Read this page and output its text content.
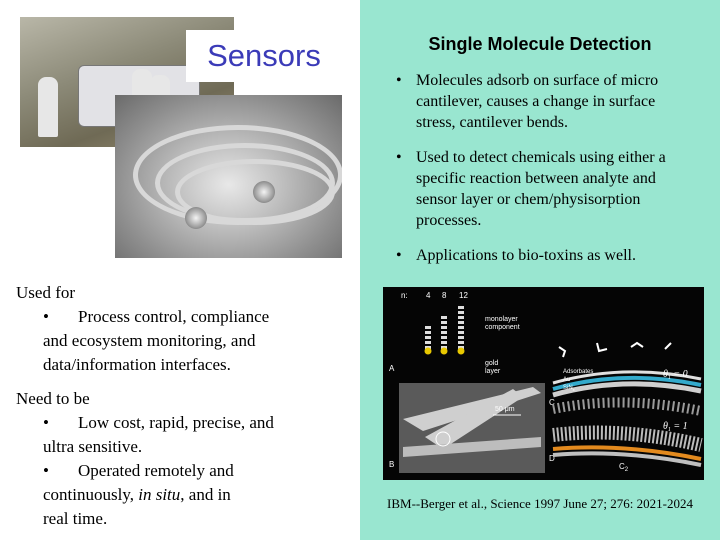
Sensors	Single Molecule Detection
• Molecules adsorb on surface of micro cantilever, causes a change in surface stress, cantilever bends.
• Used to detect chemicals using either a specific reaction between analyte and sensor layer or chem/physisorption processes.
• Applications to bio-toxins as well.
Used for
• Process control, compliance
and ecosystem monitoring, and
data/information interfaces.
Need to be
• Low cost, rapid, precise, and
ultra sensitive.
• Operated remotely and
continuously, in situ, and in
real time.
n: 4 8 12
monolayer
component
gold
layer
A
B
50 μm
C
D
Adsorbates
Au
SiN$_x$
$\theta_1 = 0$
$\theta_1 = 1$
$C_2$
IBM--Berger et al., Science 1997 June 27; 276: 2021-2024
